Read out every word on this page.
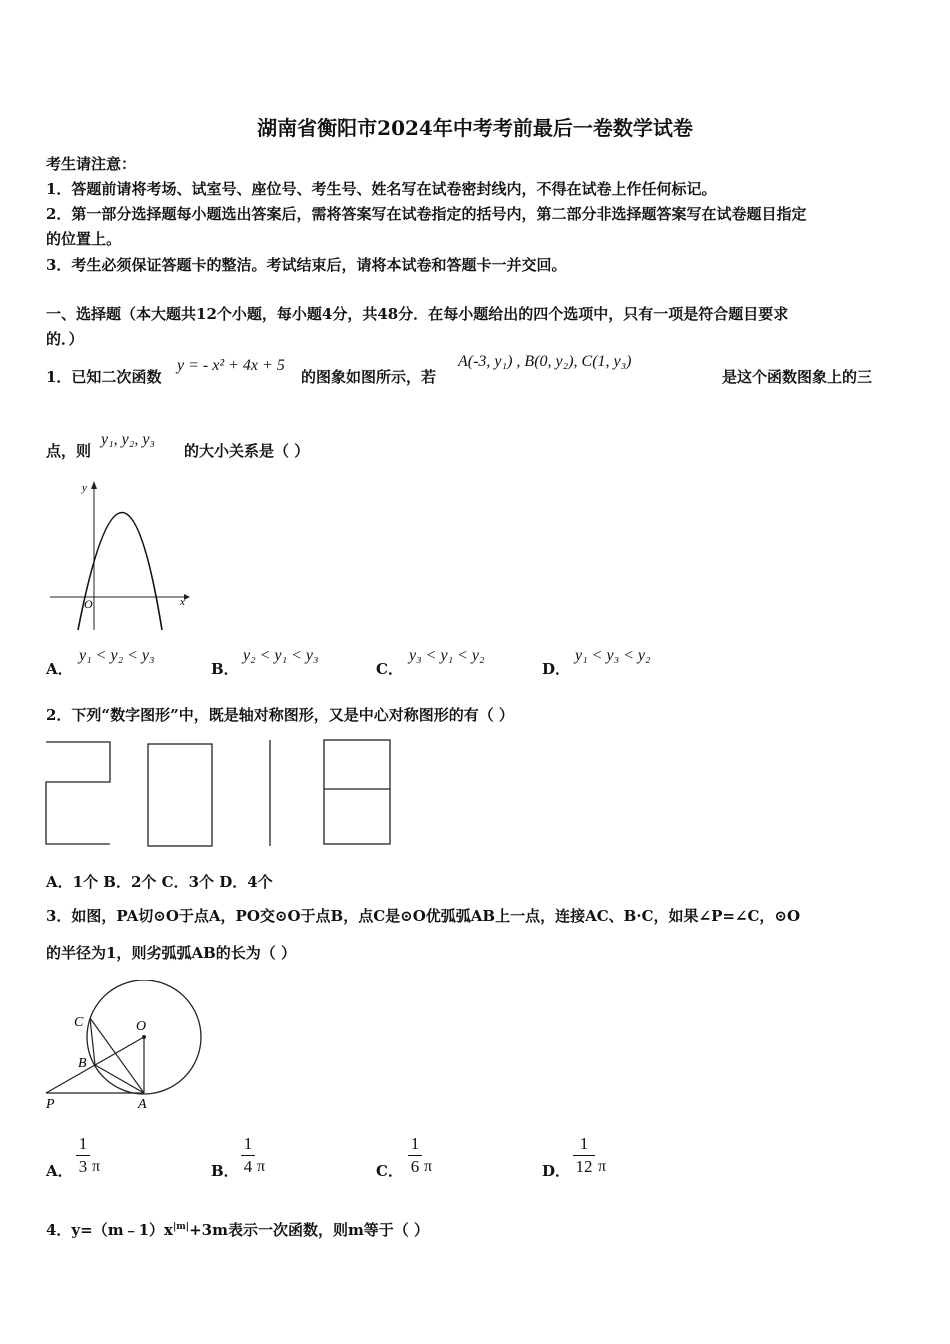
湖南省衡阳市2024年中考考前最后一卷数学试卷
考生请注意：
1．答题前请将考场、试室号、座位号、考生号、姓名写在试卷密封线内，不得在试卷上作任何标记。
2．第一部分选择题每小题选出答案后，需将答案写在试卷指定的括号内，第二部分非选择题答案写在试卷题目指定
的位置上。
3．考生必须保证答题卡的整洁。考试结束后，请将本试卷和答题卡一并交回。
一、选择题（本大题共12个小题，每小题4分，共48分．在每小题给出的四个选项中，只有一项是符合题目要求
的．）
1．已知二次函数
y = - x² + 4x + 5
的图象如图所示，若
A(-3, y₁) , B(0, y₂), C(1, y₃)
是这个函数图象上的三
点，则
y₁, y₂, y₃
的大小关系是（ ）
y
x
O
A．
y₁ < y₂ < y₃
B．
y₂ < y₁ < y₃
C．
y₃ < y₁ < y₂
D．
y₁ < y₃ < y₂
2．下列“数字图形”中，既是轴对称图形，又是中心对称图形的有（ ）
A．1个 B．2个 C．3个 D．4个
3．如图，PA切⊙O于点A，PO交⊙O于点B，点C是⊙O优弧弧AB上一点，连接AC、B·C，如果∠P=∠C，⊙O
的半径为1，则劣弧弧AB的长为（ ）
C	O
B
P	A
A．
1
3 π	B．
1
4 π	C．
1
6 π	D．
1
12 π
4．$y=(m﹣1)x^{|m|}+3m$表示一次函数，则m等于（ ）
